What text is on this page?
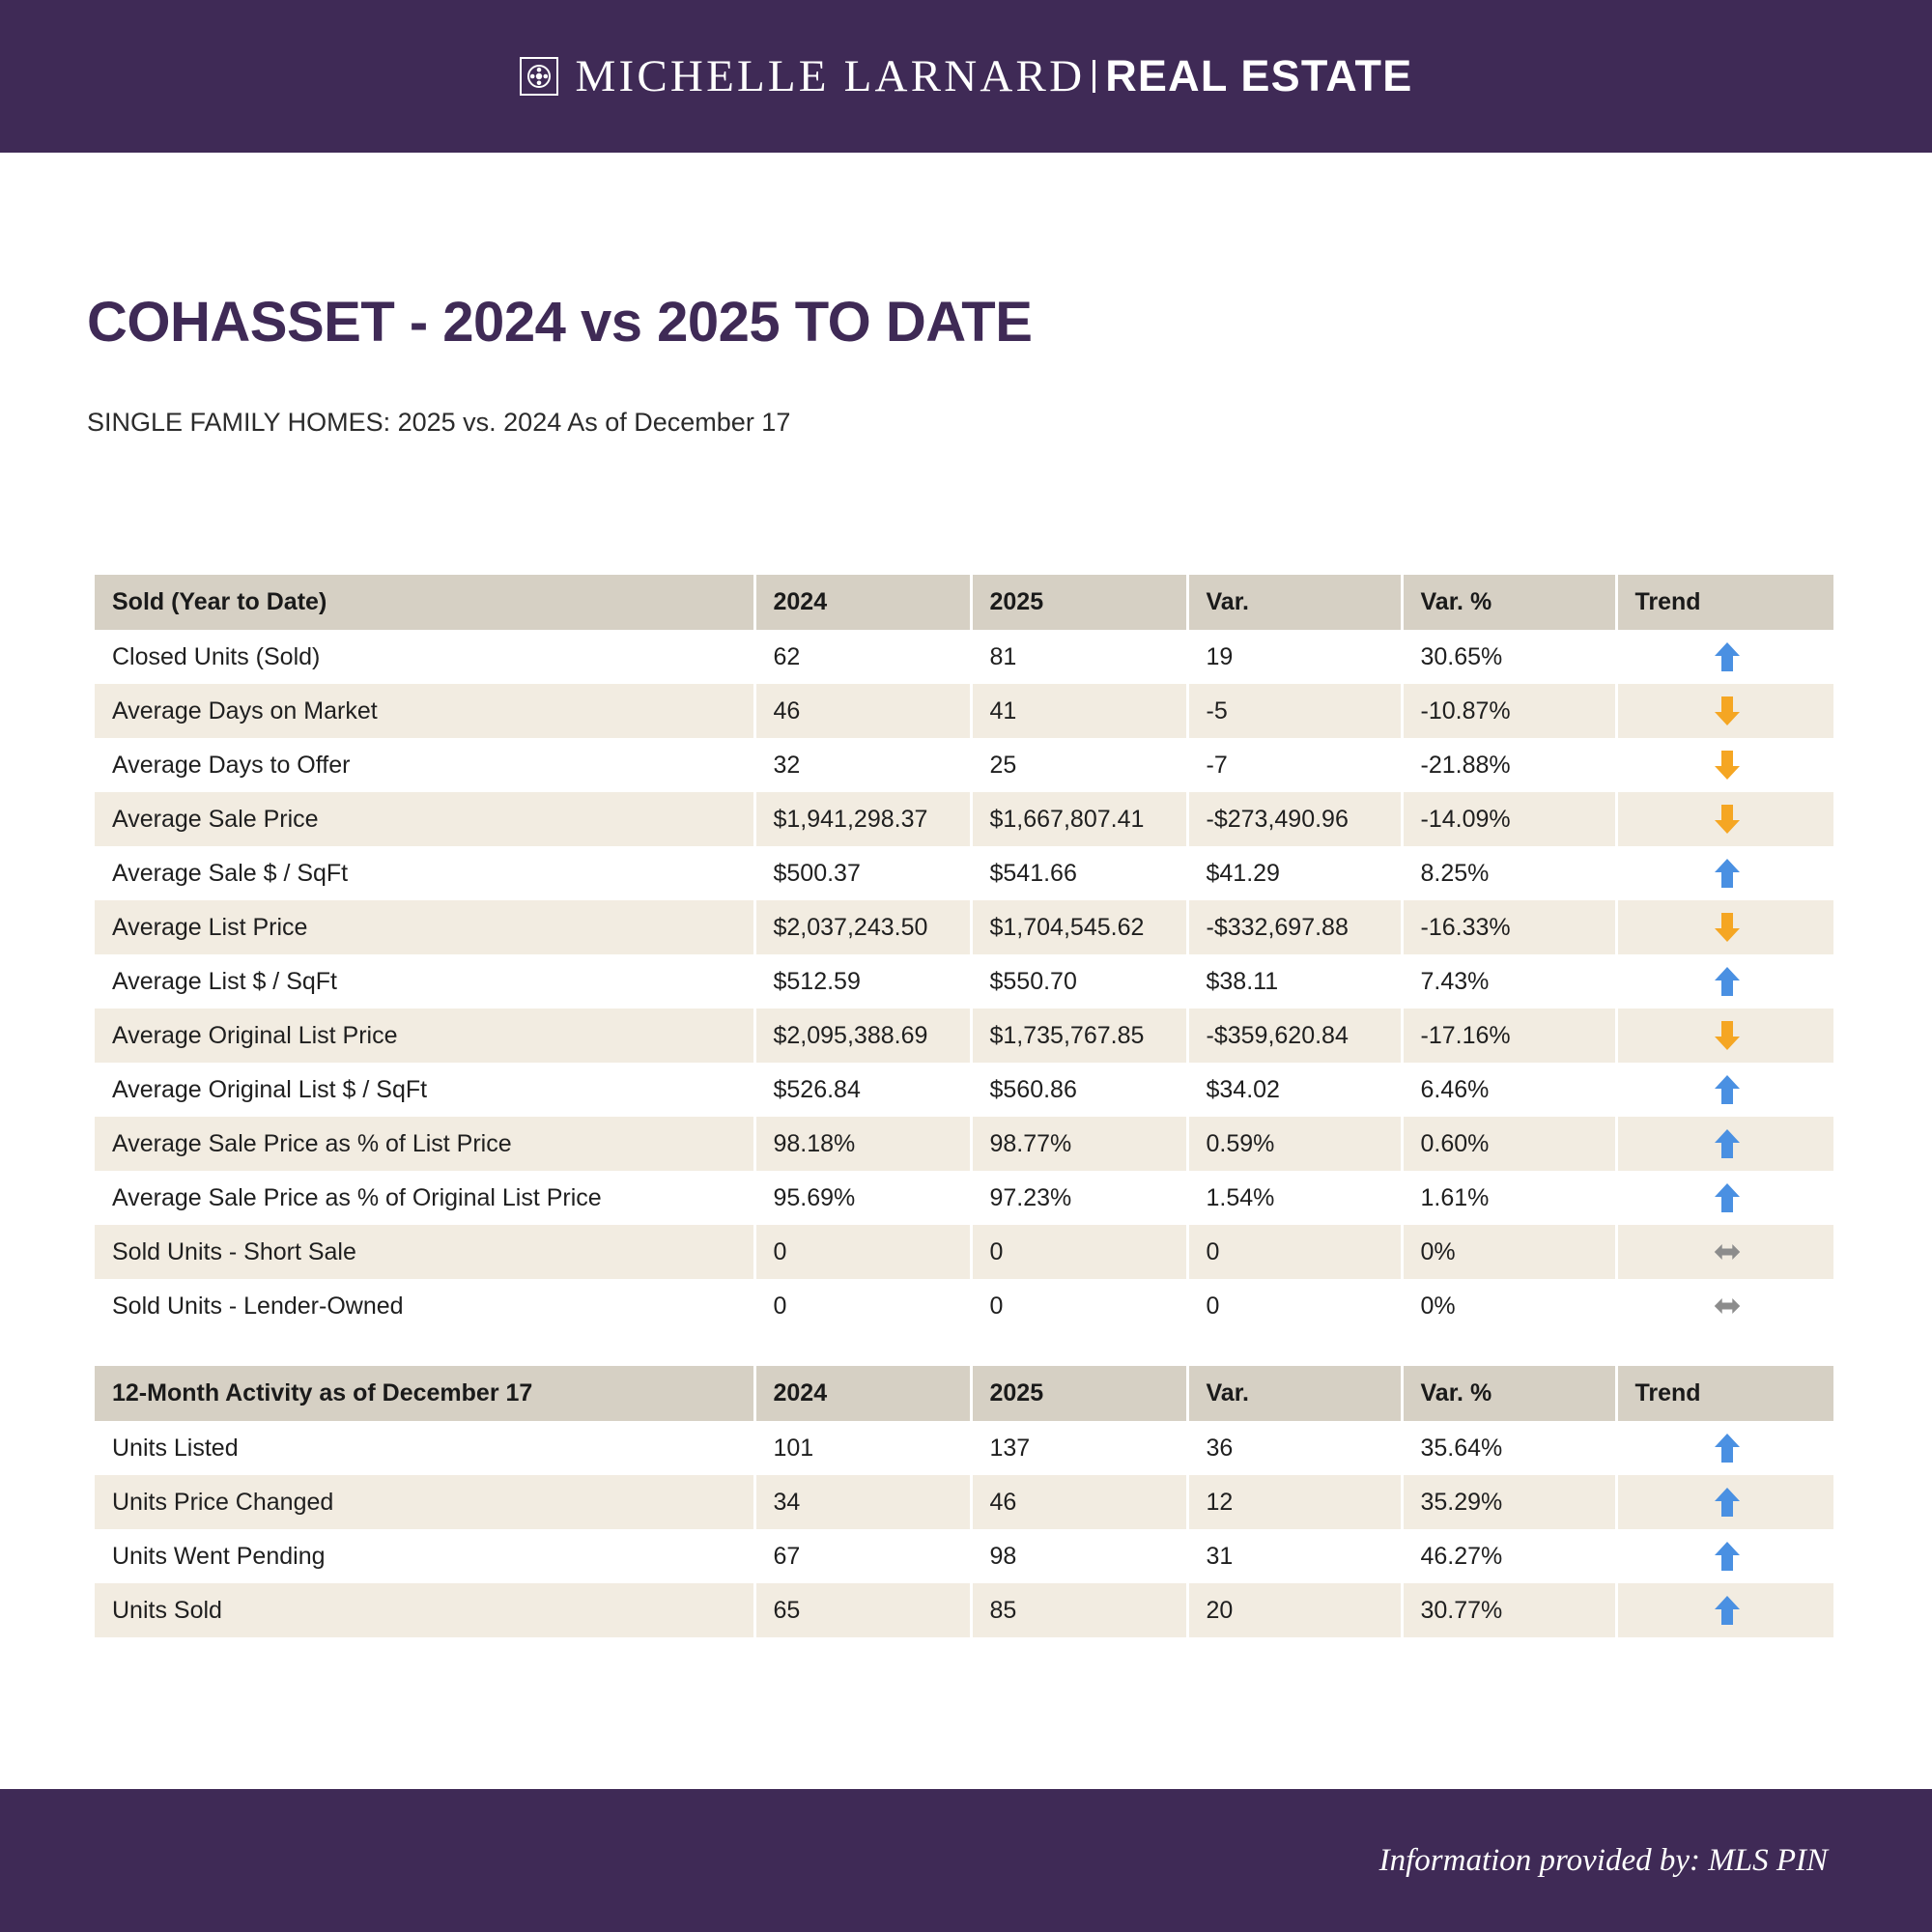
MICHELLE LARNARD REAL ESTATE
COHASSET - 2024 vs 2025 TO DATE
SINGLE FAMILY HOMES: 2025 vs. 2024 As of December 17
Sold (Year to Date)	2024	2025	Var.	Var. %	Trend
Closed Units (Sold)	62	81	19	30.65%	
Average Days on Market	46	41	-5	-10.87%	
Average Days to Offer	32	25	-7	-21.88%	
Average Sale Price	$1,941,298.37	$1,667,807.41	-$273,490.96	-14.09%	
Average Sale $ / SqFt	$500.37	$541.66	$41.29	8.25%	
Average List Price	$2,037,243.50	$1,704,545.62	-$332,697.88	-16.33%	
Average List $ / SqFt	$512.59	$550.70	$38.11	7.43%	
Average Original List Price	$2,095,388.69	$1,735,767.85	-$359,620.84	-17.16%	
Average Original List $ / SqFt	$526.84	$560.86	$34.02	6.46%	
Average Sale Price as % of List Price	98.18%	98.77%	0.59%	0.60%	
Average Sale Price as % of Original List Price	95.69%	97.23%	1.54%	1.61%	
Sold Units - Short Sale	0	0	0	0%	
Sold Units - Lender-Owned	0	0	0	0%	

12-Month Activity as of December 17	2024	2025	Var.	Var. %	Trend
Units Listed	101	137	36	35.64%	
Units Price Changed	34	46	12	35.29%	
Units Went Pending	67	98	31	46.27%	
Units Sold	65	85	20	30.77%	
Information provided by: MLS PIN
